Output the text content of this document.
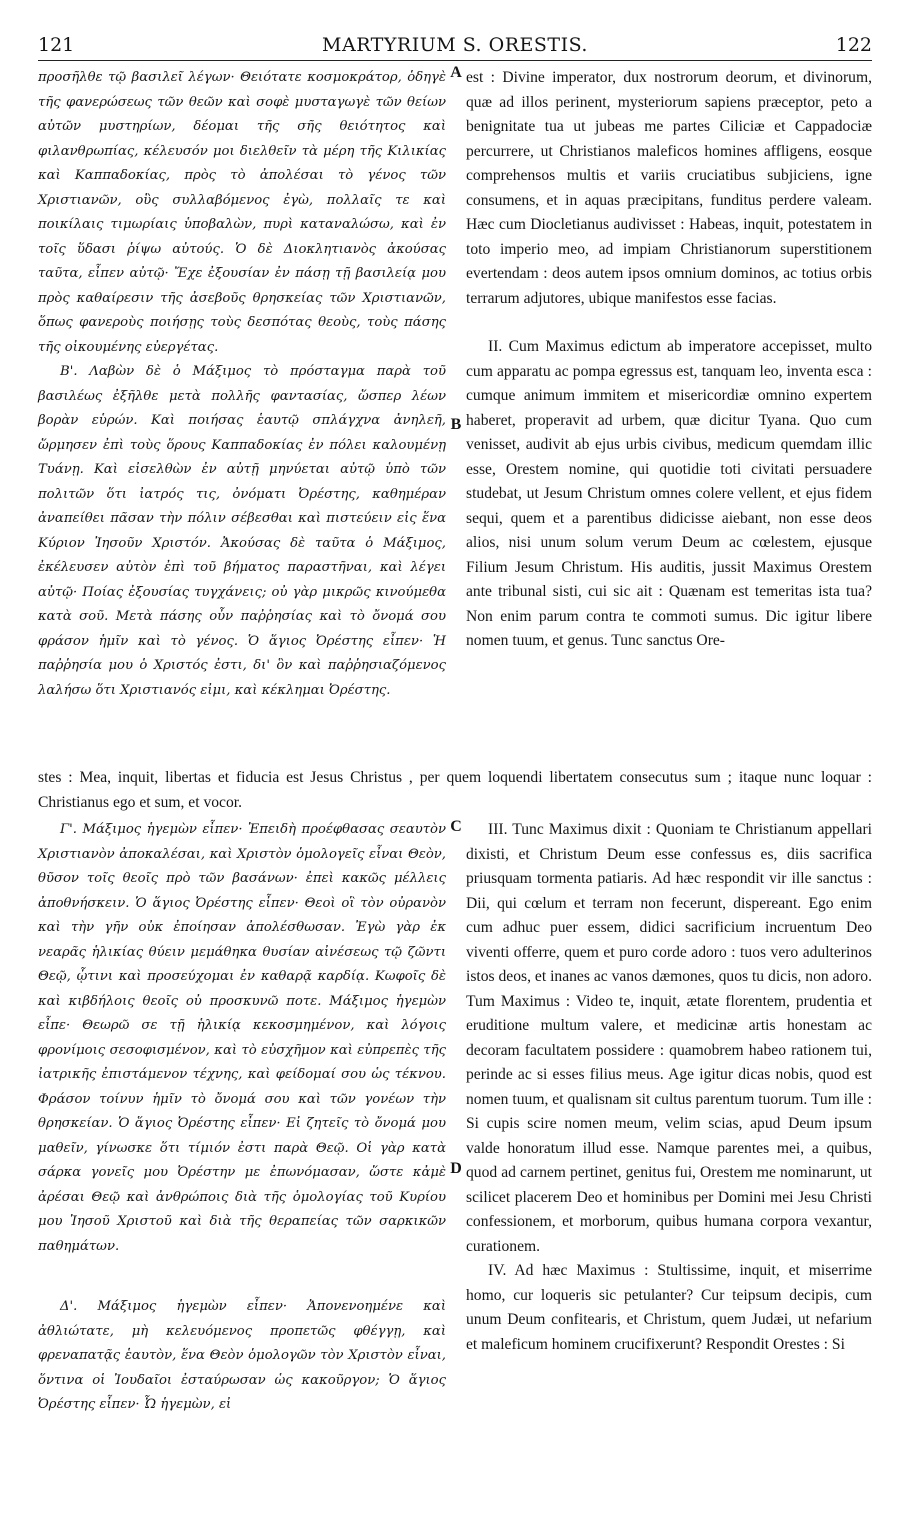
121	MARTYRIUM S. ORESTIS.	122

προσῆλθε τῷ βασιλεῖ λέγων· Θειότατε κοσμοκράτορ, ὁδηγὲ τῆς φανερώσεως τῶν θεῶν καὶ σοφὲ μυσταγωγὲ τῶν θείων αὐτῶν μυστηρίων, δέομαι τῆς σῆς θειότητος καὶ φιλανθρωπίας, κέλευσόν μοι διελθεῖν τὰ μέρη τῆς Κιλικίας καὶ Καππαδοκίας, πρὸς τὸ ἀπολέσαι τὸ γένος τῶν Χριστιανῶν, οὓς συλλαβόμενος ἐγὼ, πολλαῖς τε καὶ ποικίλαις τιμωρίαις ὑποβαλὼν, πυρὶ καταναλώσω, καὶ ἐν τοῖς ὕδασι ῥίψω αὐτούς. Ὁ δὲ Διοκλητιανὸς ἀκούσας ταῦτα, εἶπεν αὐτῷ· Ἔχε ἐξουσίαν ἐν πάσῃ τῇ βασιλείᾳ μου πρὸς καθαίρεσιν τῆς ἀσεβοῦς θρησκείας τῶν Χριστιανῶν, ὅπως φανεροὺς ποιήσῃς τοὺς δεσπότας θεοὺς, τοὺς πάσης τῆς οἰκουμένης εὐεργέτας.

Β'. Λαβὼν δὲ ὁ Μάξιμος τὸ πρόσταγμα παρὰ τοῦ βασιλέως ἐξῆλθε μετὰ πολλῆς φαντασίας, ὥσπερ λέων βορὰν εὑρών. Καὶ ποιήσας ἑαυτῷ σπλάγχνα ἀνηλεῆ, ὥρμησεν ἐπὶ τοὺς ὅρους Καππαδοκίας ἐν πόλει καλουμένῃ Τυάνῃ. Καὶ εἰσελθὼν ἐν αὐτῇ μηνύεται αὐτῷ ὑπὸ τῶν πολιτῶν ὅτι ἰατρός τις, ὀνόματι Ὀρέστης, καθημέραν ἀναπείθει πᾶσαν τὴν πόλιν σέβεσθαι καὶ πιστεύειν εἰς ἕνα Κύριον Ἰησοῦν Χριστόν. Ἀκούσας δὲ ταῦτα ὁ Μάξιμος, ἐκέλευσεν αὐτὸν ἐπὶ τοῦ βήματος παραστῆναι, καὶ λέγει αὐτῷ· Ποίας ἐξουσίας τυγχάνεις; οὐ γὰρ μικρῶς κινούμεθα κατὰ σοῦ. Μετὰ πάσης οὖν παῤῥησίας καὶ τὸ ὄνομά σου φράσον ἡμῖν καὶ τὸ γένος. Ὁ ἅγιος Ὀρέστης εἶπεν· Ἡ παῤῥησία μου ὁ Χριστός ἐστι, δι' ὃν καὶ παῤῥησιαζόμενος λαλήσω ὅτι Χριστιανός εἰμι, καὶ κέκλημαι Ὀρέστης.

est : Divine imperator, dux nostrorum deorum, et divinorum, quæ ad illos perinent, mysteriorum sapiens præceptor, peto a benignitate tua ut jubeas me partes Ciliciæ et Cappadociæ percurrere, ut Christianos maleficos homines affligens, eosque comprehensos multis et variis cruciatibus subjiciens, igne consumens, et in aquas præcipitans, funditus perdere valeam. Hæc cum Diocletianus audivisset : Habeas, inquit, potestatem in toto imperio meo, ad impiam Christianorum superstitionem evertendam : deos autem ipsos omnium dominos, ac totius orbis terrarum adjutores, ubique manifestos esse facias.

II. Cum Maximus edictum ab imperatore accepisset, multo cum apparatu ac pompa egressus est, tanquam leo, inventa esca : cumque animum immitem et misericordiæ omnino expertem haberet, properavit ad urbem, quæ dicitur Tyana. Quo cum venisset, audivit ab ejus urbis civibus, medicum quemdam illic esse, Orestem nomine, qui quotidie toti civitati persuadere studebat, ut Jesum Christum omnes colere vellent, et ejus fidem sequi, quem et a parentibus didicisse aiebant, non esse deos alios, nisi unum solum verum Deum ac cœlestem, ejusque Filium Jesum Christum. His auditis, jussit Maximus Orestem ante tribunal sisti, cui sic ait : Quænam est temeritas ista tua? Non enim parum contra te commoti sumus. Dic igitur libere nomen tuum, et genus. Tunc sanctus Ore-

stes : Mea, inquit, libertas et fiducia est Jesus Christus , per quem loquendi libertatem consecutus sum ; itaque nunc loquar : Christianus ego et sum, et vocor.

Γ'. Μάξιμος ἡγεμὼν εἶπεν· Ἐπειδὴ προέφθασας σεαυτὸν Χριστιανὸν ἀποκαλέσαι, καὶ Χριστὸν ὁμολογεῖς εἶναι Θεὸν, θῦσον τοῖς θεοῖς πρὸ τῶν βασάνων· ἐπεὶ κακῶς μέλλεις ἀποθνήσκειν. Ὁ ἅγιος Ὀρέστης εἶπεν· Θεοὶ οἳ τὸν οὐρανὸν καὶ τὴν γῆν οὐκ ἐποίησαν ἀπολέσθωσαν. Ἐγὼ γὰρ ἐκ νεαρᾶς ἡλικίας θύειν μεμάθηκα θυσίαν αἰνέσεως τῷ ζῶντι Θεῷ, ᾧτινι καὶ προσεύχομαι ἐν καθαρᾷ καρδίᾳ. Κωφοῖς δὲ καὶ κιβδήλοις θεοῖς οὐ προσκυνῶ ποτε. Μάξιμος ἡγεμὼν εἶπε· Θεωρῶ σε τῇ ἡλικίᾳ κεκοσμημένον, καὶ λόγοις φρονίμοις σεσοφισμένον, καὶ τὸ εὐσχῆμον καὶ εὐπρεπὲς τῆς ἰατρικῆς ἐπιστάμενον τέχνης, καὶ φείδομαί σου ὡς τέκνου. Φράσον τοίνυν ἡμῖν τὸ ὄνομά σου καὶ τῶν γονέων τὴν θρησκείαν. Ὁ ἅγιος Ὀρέστης εἶπεν· Εἰ ζητεῖς τὸ ὄνομά μου μαθεῖν, γίνωσκε ὅτι τίμιόν ἐστι παρὰ Θεῷ. Οἱ γὰρ κατὰ σάρκα γονεῖς μου Ὀρέστην με ἐπωνόμασαν, ὥστε κἀμὲ ἀρέσαι Θεῷ καὶ ἀνθρώποις διὰ τῆς ὁμολογίας τοῦ Κυρίου μου Ἰησοῦ Χριστοῦ καὶ διὰ τῆς θεραπείας τῶν σαρκικῶν παθημάτων.

Δ'. Μάξιμος ἡγεμὼν εἶπεν· Ἀπονενοημένε καὶ ἀθλιώτατε, μὴ κελευόμενος προπετῶς φθέγγῃ, καὶ φρεναπατᾷς ἑαυτὸν, ἕνα Θεὸν ὁμολογῶν τὸν Χριστὸν εἶναι, ὅντινα οἱ Ἰουδαῖοι ἐσταύρωσαν ὡς κακοῦργον; Ὁ ἅγιος Ὀρέστης εἶπεν· Ὦ ἡγεμὼν, εἰ

III. Tunc Maximus dixit : Quoniam te Christianum appellari dixisti, et Christum Deum esse confessus es, diis sacrifica priusquam tormenta patiaris. Ad hæc respondit vir ille sanctus : Dii, qui cœlum et terram non fecerunt, dispereant. Ego enim cum adhuc puer essem, didici sacrificium incruentum Deo viventi offerre, quem et puro corde adoro : tuos vero adulterinos istos deos, et inanes ac vanos dæmones, quos tu dicis, non adoro. Tum Maximus : Video te, inquit, ætate florentem, prudentia et eruditione multum valere, et medicinæ artis honestam ac decoram facultatem possidere : quamobrem habeo rationem tui, perinde ac si esses filius meus. Age igitur dicas nobis, quod est nomen tuum, et qualisnam sit cultus parentum tuorum. Tum ille : Si cupis scire nomen meum, velim scias, apud Deum ipsum valde honoratum illud esse. Namque parentes mei, a quibus, quod ad carnem pertinet, genitus fui, Orestem me nominarunt, ut scilicet placerem Deo et hominibus per Domini mei Jesu Christi confessionem, et morborum, quibus humana corpora vexantur, curationem.

IV. Ad hæc Maximus : Stultissime, inquit, et miserrime homo, cur loqueris sic petulanter? Cur teipsum decipis, cum unum Deum confitearis, et Christum, quem Judæi, ut nefarium et maleficum hominem crucifixerunt? Respondit Orestes : Si

A
B
C
D
